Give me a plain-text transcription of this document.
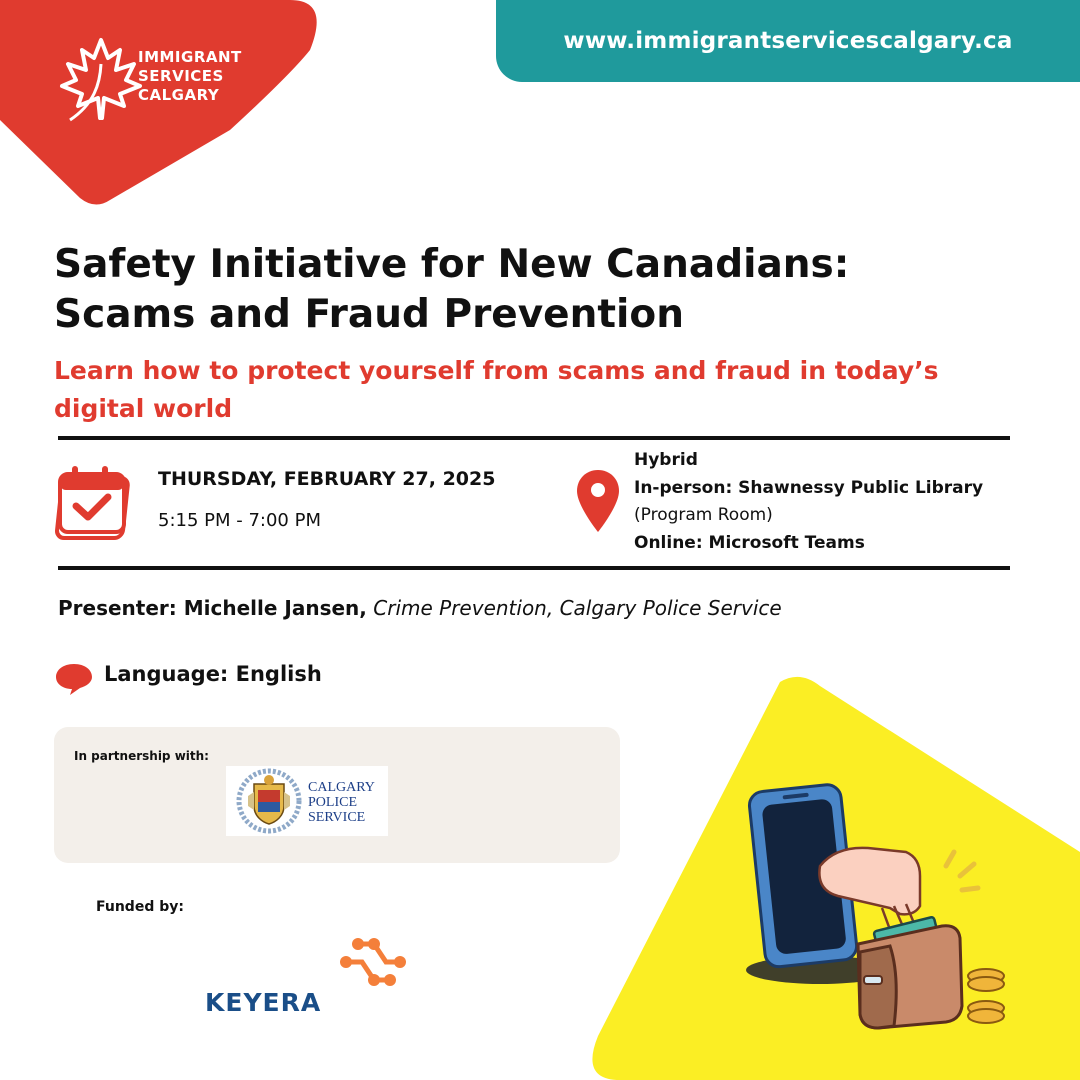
IMMIGRANT
SERVICES
CALGARY
www.immigrantservicescalgary.ca
Safety Initiative for New Canadians:
Scams and Fraud Prevention
Learn how to protect yourself from scams and fraud in today’s digital world
THURSDAY, FEBRUARY 27, 2025
5:15 PM - 7:00 PM
Hybrid
In-person: Shawnessy Public Library
(Program Room)
Online: Microsoft Teams
Presenter: Michelle Jansen, Crime Prevention, Calgary Police Service
Language: English
In partnership with:
CALGARY
POLICE
SERVICE
Funded by:
KEYERA
